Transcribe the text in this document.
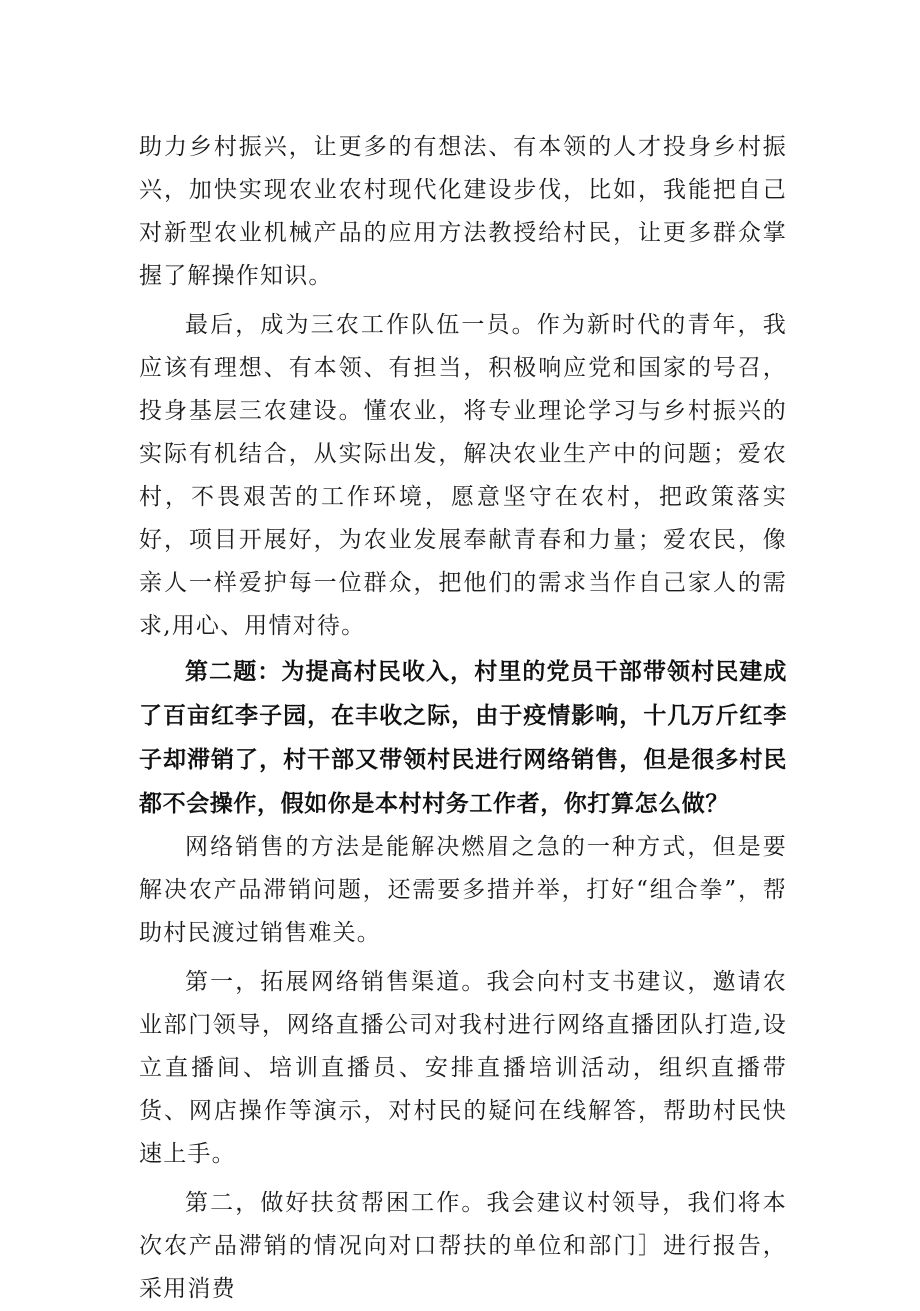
助力乡村振兴，让更多的有想法、有本领的人才投身乡村振兴，加快实现农业农村现代化建设步伐，比如，我能把自己对新型农业机械产品的应用方法教授给村民，让更多群众掌握了解操作知识。

最后，成为三农工作队伍一员。作为新时代的青年，我应该有理想、有本领、有担当，积极响应党和国家的号召，投身基层三农建设。懂农业，将专业理论学习与乡村振兴的实际有机结合，从实际出发，解决农业生产中的问题；爱农村，不畏艰苦的工作环境，愿意坚守在农村，把政策落实好，项目开展好，为农业发展奉献青春和力量；爱农民，像亲人一样爱护每一位群众，把他们的需求当作自己家人的需求,用心、用情对待。

第二题：为提高村民收入，村里的党员干部带领村民建成了百亩红李子园，在丰收之际，由于疫情影响，十几万斤红李子却滞销了，村干部又带领村民进行网络销售，但是很多村民都不会操作，假如你是本村村务工作者，你打算怎么做？

网络销售的方法是能解决燃眉之急的一种方式，但是要解决农产品滞销问题，还需要多措并举，打好“组合拳”，帮助村民渡过销售难关。

第一，拓展网络销售渠道。我会向村支书建议，邀请农业部门领导，网络直播公司对我村进行网络直播团队打造,设立直播间、培训直播员、安排直播培训活动，组织直播带货、网店操作等演示，对村民的疑问在线解答，帮助村民快速上手。

第二，做好扶贫帮困工作。我会建议村领导，我们将本次农产品滞销的情况向对口帮扶的单位和部门］进行报告，采用消费
